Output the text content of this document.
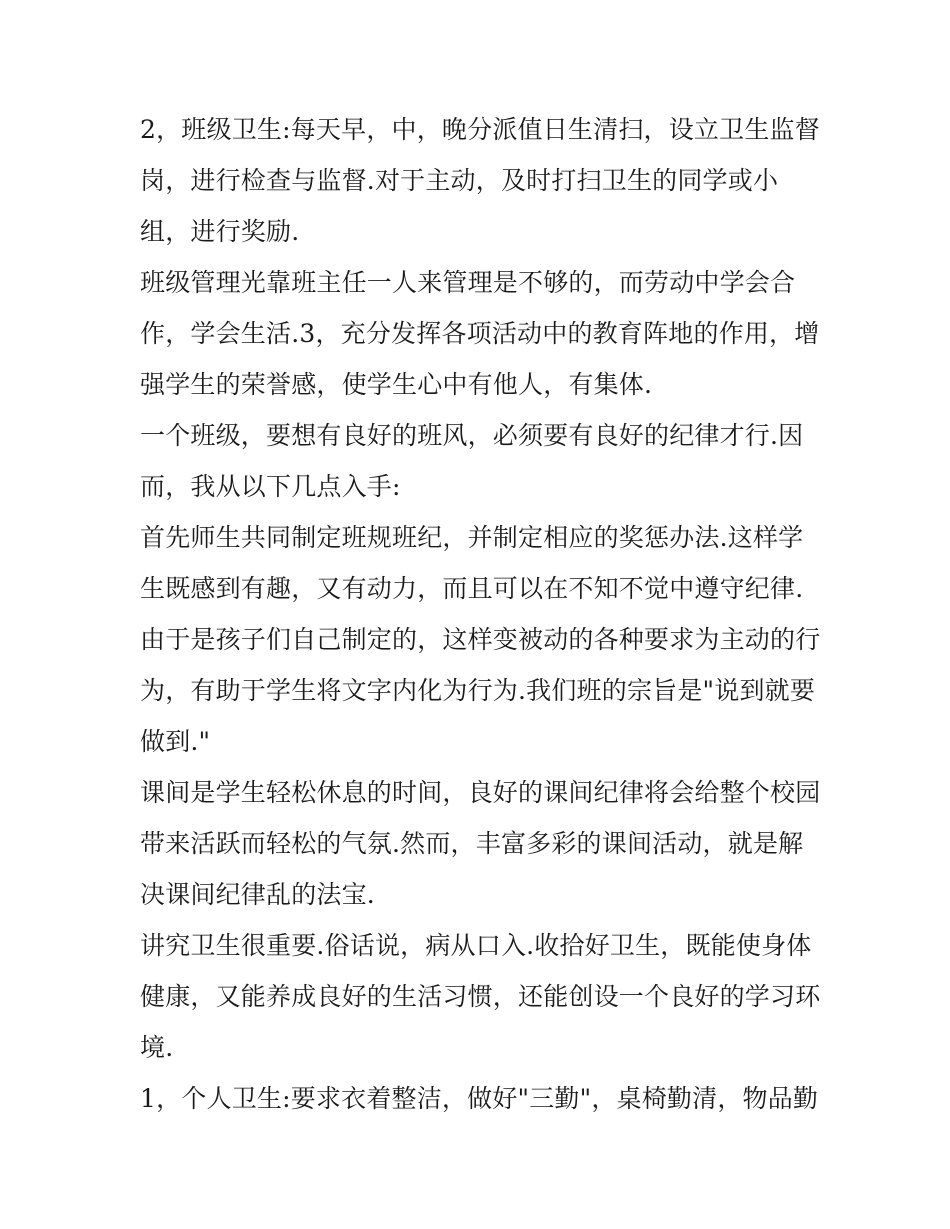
2，班级卫生:每天早，中，晚分派值日生清扫，设立卫生监督
岗，进行检查与监督.对于主动，及时打扫卫生的同学或小
组，进行奖励.
班级管理光靠班主任一人来管理是不够的，而劳动中学会合
作，学会生活.3，充分发挥各项活动中的教育阵地的作用，增
强学生的荣誉感，使学生心中有他人，有集体.
一个班级，要想有良好的班风，必须要有良好的纪律才行.因
而，我从以下几点入手:
首先师生共同制定班规班纪，并制定相应的奖惩办法.这样学
生既感到有趣，又有动力，而且可以在不知不觉中遵守纪律.
由于是孩子们自己制定的，这样变被动的各种要求为主动的行
为，有助于学生将文字内化为行为.我们班的宗旨是"说到就要
做到."
课间是学生轻松休息的时间，良好的课间纪律将会给整个校园
带来活跃而轻松的气氛.然而，丰富多彩的课间活动，就是解
决课间纪律乱的法宝.
讲究卫生很重要.俗话说，病从口入.收拾好卫生，既能使身体
健康，又能养成良好的生活习惯，还能创设一个良好的学习环
境.
1，个人卫生:要求衣着整洁，做好"三勤"，桌椅勤清，物品勤
